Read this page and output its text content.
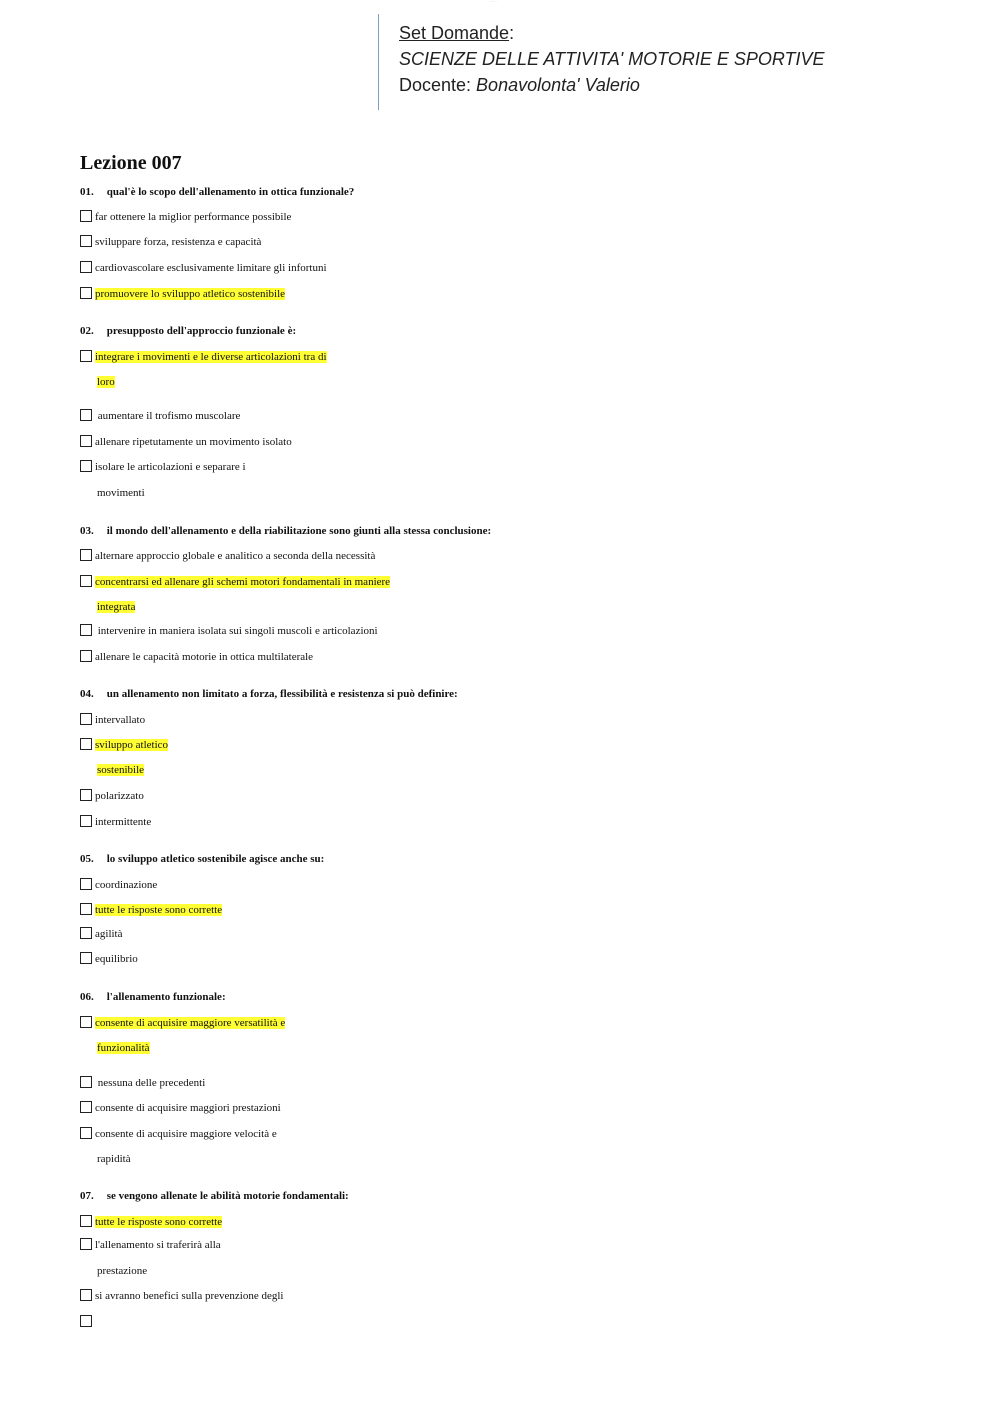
·······
Set Domande:
SCIENZE DELLE ATTIVITA' MOTORIE E SPORTIVE
Docente: Bonavolonta' Valerio
Lezione 007
01. qual'è lo scopo dell'allenamento in ottica funzionale?
far ottenere la miglior performance possibile
sviluppare forza, resistenza e capacità
cardiovascolare esclusivamente limitare gli infortuni
promuovere lo sviluppo atletico sostenibile
02. presupposto dell'approccio funzionale è:
integrare i movimenti e le diverse articolazioni tra di
loro
aumentare il trofismo muscolare
allenare ripetutamente un movimento isolato
isolare le articolazioni e separare i
movimenti
03. il mondo dell'allenamento e della riabilitazione sono giunti alla stessa conclusione:
alternare approccio globale e analitico a seconda della necessità
concentrarsi ed allenare gli schemi motori fondamentali in maniere
integrata
intervenire in maniera isolata sui singoli muscoli e articolazioni
allenare le capacità motorie in ottica multilaterale
04. un allenamento non limitato a forza, flessibilità e resistenza si può definire:
intervallato
sviluppo atletico
sostenibile
polarizzato
intermittente
05. lo sviluppo atletico sostenibile agisce anche su:
coordinazione
tutte le risposte sono corrette
agilità
equilibrio
06. l'allenamento funzionale:
consente di acquisire maggiore versatilità e
funzionalità
nessuna delle precedenti
consente di acquisire maggiori prestazioni
consente di acquisire maggiore velocità e
rapidità
07. se vengono allenate le abilità motorie fondamentali:
tutte le risposte sono corrette
l'allenamento si traferirà alla
prestazione
si avranno benefici sulla prevenzione degli
